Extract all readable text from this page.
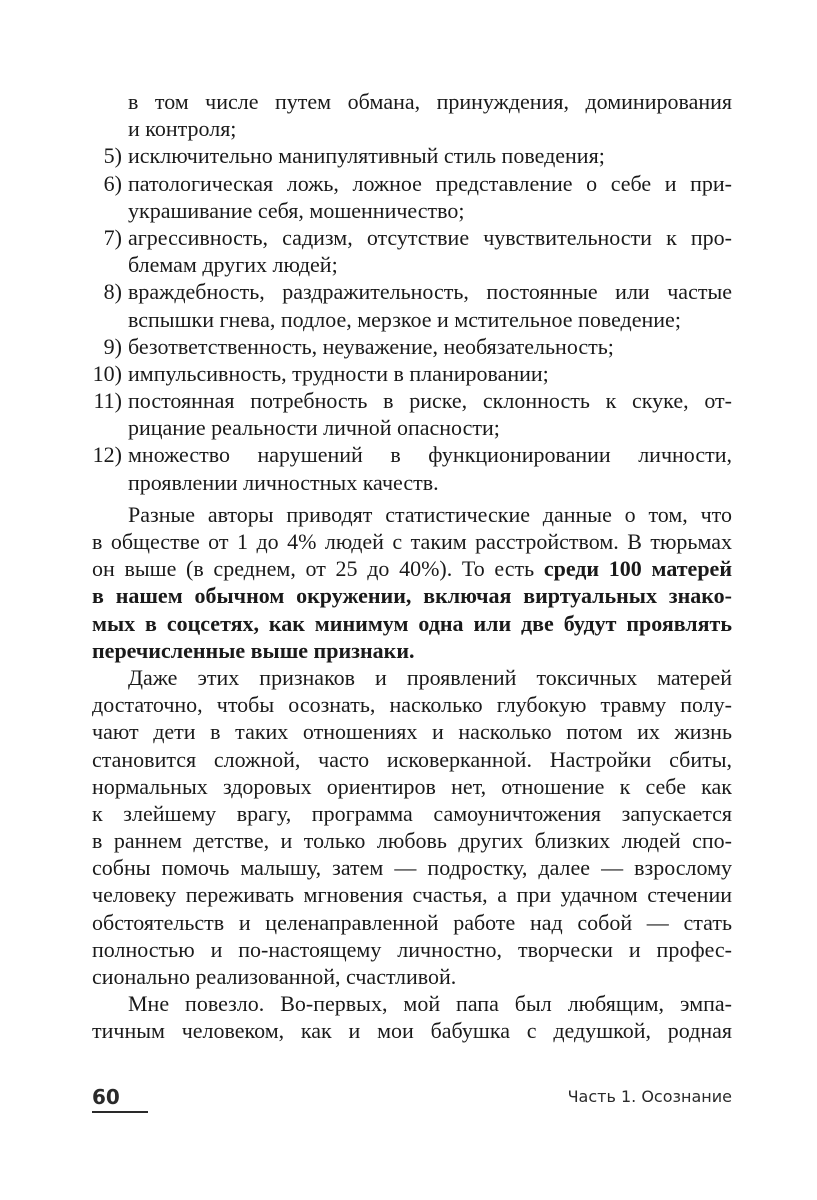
в том числе путем обмана, принуждения, доминирования
и контроля;
5) исключительно манипулятивный стиль поведения;
6) патологическая ложь, ложное представление о себе и при-
украшивание себя, мошенничество;
7) агрессивность, садизм, отсутствие чувствительности к про-
блемам других людей;
8) враждебность, раздражительность, постоянные или частые
вспышки гнева, подлое, мерзкое и мстительное поведение;
9) безответственность, неуважение, необязательность;
10) импульсивность, трудности в планировании;
11) постоянная потребность в риске, склонность к скуке, от-
рицание реальности личной опасности;
12) множество нарушений в функционировании личности,
проявлении личностных качеств.
Разные авторы приводят статистические данные о том, что
в обществе от 1 до 4% людей с таким расстройством. В тюрьмах
он выше (в среднем, от 25 до 40%). То есть среди 100 матерей
в нашем обычном окружении, включая виртуальных знако-
мых в соцсетях, как минимум одна или две будут проявлять
перечисленные выше признаки.
Даже этих признаков и проявлений токсичных матерей
достаточно, чтобы осознать, насколько глубокую травму полу-
чают дети в таких отношениях и насколько потом их жизнь
становится сложной, часто исковерканной. Настройки сбиты,
нормальных здоровых ориентиров нет, отношение к себе как
к злейшему врагу, программа самоуничтожения запускается
в раннем детстве, и только любовь других близких людей спо-
собны помочь малышу, затем — подростку, далее — взрослому
человеку переживать мгновения счастья, а при удачном стечении
обстоятельств и целенаправленной работе над собой — стать
полностью и по-настоящему личностно, творчески и профес-
сионально реализованной, счастливой.
Мне повезло. Во-первых, мой папа был любящим, эмпа-
тичным человеком, как и мои бабушка с дедушкой, родная
60	Часть 1. Осознание
